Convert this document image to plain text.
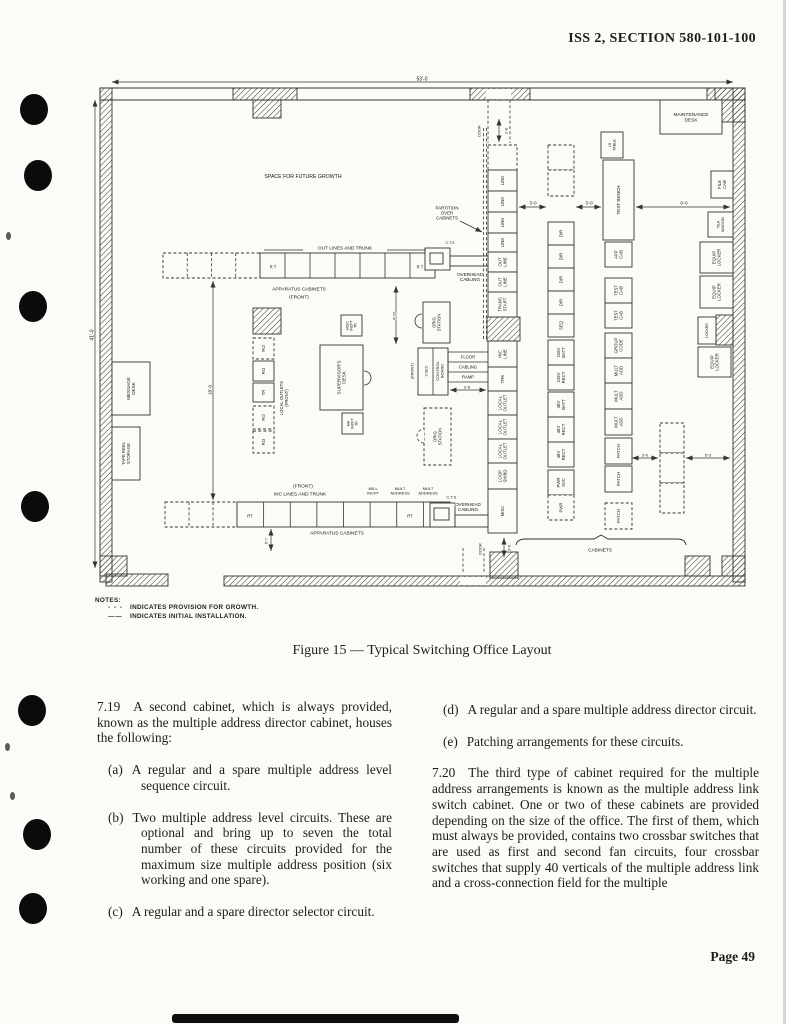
ISS 2, SECTION 580-101-100
LINK
LINK
LINK
LINK
OUTLINE
OUTLINE
TRANSSTART
INCLINE
TRK
LOCALOUTLET
LOCALOUTLET
LOCALOUTLET
LOOPSWBD
MISC
DIR
DIR
DIR
DIR
SEQ
115VBATT
115VRECT
48VBATT
48VRECT
48VRECT
PWRSVC
PWR
15TABLE
TEST BENCH
APPCAB
TESTCAB
TESTCAB
GROUPCODE
MULTADD
MULTADD
MULTADD
PATCH
PATCH
PATCH
MAINTENANCE DESK
FILECAB
TEAWAGON
EQUIPLOCKER
EQUIPLOCKER
LOCKER
EQUIPLOCKER
MESSAGEDESK
TAPE REELSTORAGE
SUPERVISOR'SDESK
MISCINCPTTR
MAINCPTTR
RO
RO
TR
RO
RO
ORIGSTATION
ORIGSTATION
53'-0
41'-0
18'-0
DOOR	2'-8
SPACE FOR FUTURE GROWTH
PARTITION OVER CABINETS
3'-0	3'-0	8'-0
OUT LINES AND TRUNK
C.T.S
OVERHEAD CABLING
APPARATUS CABINETS
(FRONT)
R T	R T
4'-10
(FRONT)	3 SEC CONTROLBOARD
FLOOR
CABLING
RAMP
3'-6
LOCAL OUTLETS(FRONT)
(FRONT)
INC LINES AND TRUNK
WILL INCPT
MULT ADDRESS
MULT ADDRESS
C.T.S.
RT	RT
APPARATUS CABINETS
5'-7
OVERHEAD CABLING
DOOR	3'-0
3'-0	5'-3
CABINETS
NOTES:
- - - INDICATES PROVISION FOR GROWTH.
—— INDICATES INITIAL INSTALLATION.
Figure 15 — Typical Switching Office Layout

7.19 A second cabinet, which is always provided, known as the multiple address director cabinet, houses the following:

(a) A regular and a spare multiple address level sequence circuit.

(b) Two multiple address level circuits. These are optional and bring up to seven the total number of these circuits provided for the maximum size multiple address position (six working and one spare).

(c) A regular and a spare director selector circuit.

(d) A regular and a spare multiple address director circuit.

(e) Patching arrangements for these circuits.

7.20 The third type of cabinet required for the multiple address arrangements is known as the multiple address link switch cabinet. One or two of these cabinets are provided depending on the size of the office. The first of them, which must always be provided, contains two crossbar switches that are used as first and second fan circuits, four crossbar switches that supply 40 verticals of the multiple address link and a cross-connection field for the multiple

Page 49
